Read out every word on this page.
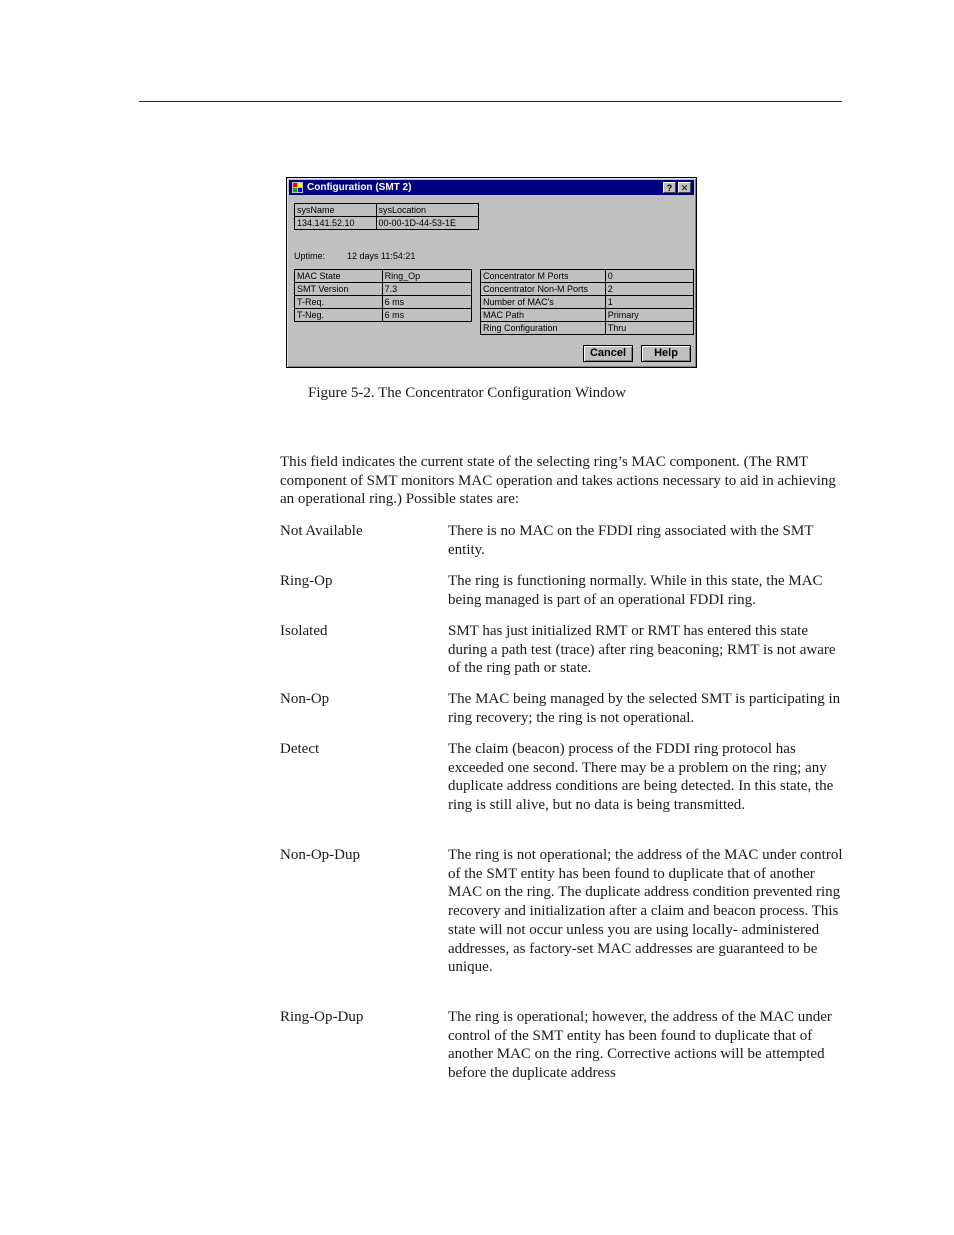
Configuration (SMT 2)	? ✕
sysName	sysLocation
134.141.52.10	00-00-1D-44-53-1E
Uptime: 12 days 11:54:21
MAC State	Ring_Op
SMT Version	7.3
T-Req.	6 ms
T-Neg.	6 ms
Concentrator M Ports	0
Concentrator Non-M Ports	2
Number of MAC's	1
MAC Path	Primary
Ring Configuration	Thru
Cancel	Help
Figure 5-2. The Concentrator Configuration Window
This field indicates the current state of the selecting ring’s MAC component. (The RMT component of SMT monitors MAC operation and takes actions necessary to aid in achieving an operational ring.) Possible states are:
Not Available	There is no MAC on the FDDI ring associated with the SMT entity.
Ring-Op	The ring is functioning normally. While in this state, the MAC being managed is part of an operational FDDI ring.
Isolated	SMT has just initialized RMT or RMT has entered this state during a path test (trace) after ring beaconing; RMT is not aware of the ring path or state.
Non-Op	The MAC being managed by the selected SMT is participating in ring recovery; the ring is not operational.
Detect	The claim (beacon) process of the FDDI ring protocol has exceeded one second. There may be a problem on the ring; any duplicate address conditions are being detected. In this state, the ring is still alive, but no data is being transmitted.
Non-Op-Dup	The ring is not operational; the address of the MAC under control of the SMT entity has been found to duplicate that of another MAC on the ring. The duplicate address condition prevented ring recovery and initialization after a claim and beacon process. This state will not occur unless you are using locally- administered addresses, as factory-set MAC addresses are guaranteed to be unique.
Ring-Op-Dup	The ring is operational; however, the address of the MAC under control of the SMT entity has been found to duplicate that of another MAC on the ring. Corrective actions will be attempted before the duplicate address
